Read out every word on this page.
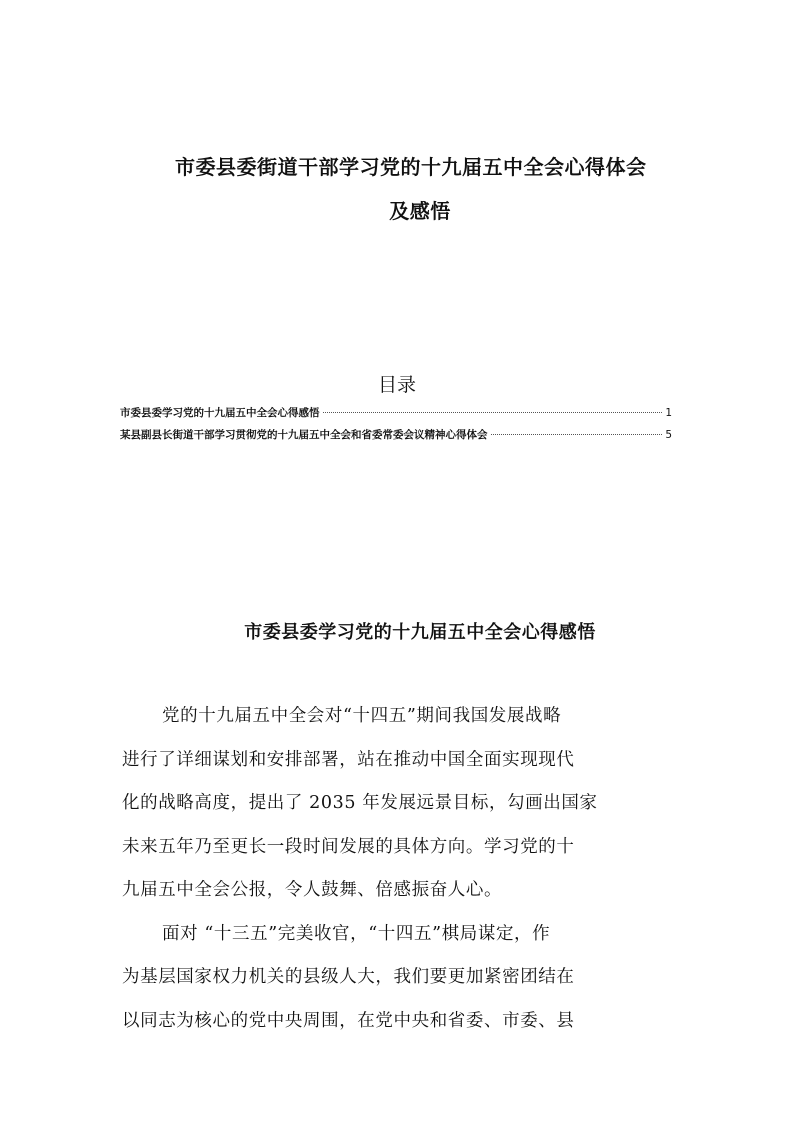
市委县委街道干部学习党的十九届五中全会心得体会
及感悟
目录
市委县委学习党的十九届五中全会心得感悟	1
某县副县长街道干部学习贯彻党的十九届五中全会和省委常委会议精神心得体会	5
市委县委学习党的十九届五中全会心得感悟
党的十九届五中全会对“十四五”期间我国发展战略
进行了详细谋划和安排部署，站在推动中国全面实现现代
化的战略高度，提出了 2035 年发展远景目标，勾画出国家
未来五年乃至更长一段时间发展的具体方向。学习党的十
九届五中全会公报，令人鼓舞、倍感振奋人心。
面对 “十三五”完美收官，“十四五”棋局谋定，作
为基层国家权力机关的县级人大，我们要更加紧密团结在
以同志为核心的党中央周围，在党中央和省委、市委、县
